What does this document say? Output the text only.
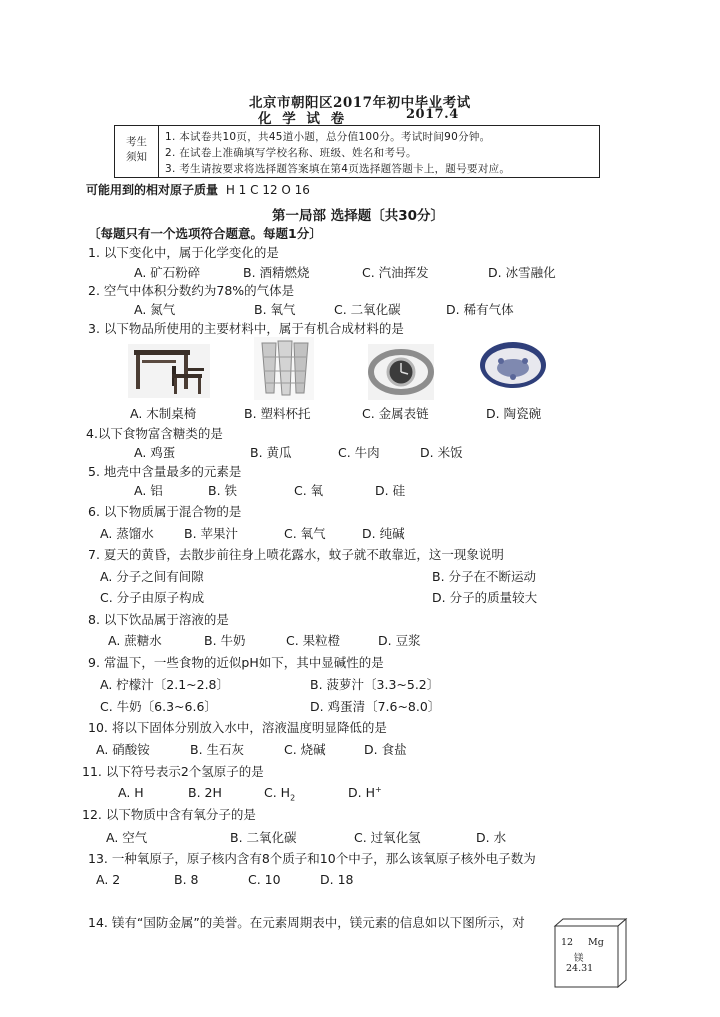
北京市朝阳区2017年初中毕业考试
化 学 试 卷	2017.4
考生
须知
1. 本试卷共10页，共45道小题，总分值100分。考试时间90分钟。
2. 在试卷上准确填写学校名称、班级、姓名和考号。
3. 考生请按要求将选择题答案填在第4页选择题答题卡上，题号要对应。
可能用到的相对原子质量 H 1 C 12 O 16
第一局部 选择题〔共30分〕
〔每题只有一个选项符合题意。每题1分〕
1. 以下变化中，属于化学变化的是
A. 矿石粉碎	B. 酒精燃烧	C. 汽油挥发	D. 冰雪融化
2. 空气中体积分数约为78%的气体是
A. 氮气	B. 氧气	C. 二氧化碳	D. 稀有气体
3. 以下物品所使用的主要材料中，属于有机合成材料的是
A. 木制桌椅	B. 塑料杯托	C. 金属表链	D. 陶瓷碗
4.以下食物富含糖类的是
A. 鸡蛋	B. 黄瓜	C. 牛肉	D. 米饭
5. 地壳中含量最多的元素是
A. 铝	B. 铁	C. 氧	D. 硅
6. 以下物质属于混合物的是
A. 蒸馏水 B. 苹果汁	C. 氧气	D. 纯碱
7. 夏天的黄昏，去散步前往身上喷花露水，蚊子就不敢靠近，这一现象说明
A. 分子之间有间隙	B. 分子在不断运动
C. 分子由原子构成	D. 分子的质量较大
8. 以下饮品属于溶液的是
A. 蔗糖水	B. 牛奶	C. 果粒橙	D. 豆浆
9. 常温下，一些食物的近似pH如下，其中显碱性的是
A. 柠檬汁〔2.1~2.8〕	B. 菠萝汁〔3.3~5.2〕
C. 牛奶〔6.3~6.6〕	D. 鸡蛋清〔7.6~8.0〕
10. 将以下固体分别放入水中，溶液温度明显降低的是
A. 硝酸铵	B. 生石灰	C. 烧碱	D. 食盐
11. 以下符号表示2个氢原子的是
A. H	B. 2H	C. $H_2$	D. H+
12. 以下物质中含有氧分子的是
A. 空气	B. 二氧化碳	C. 过氧化氢	D. 水
13. 一种氧原子，原子核内含有8个质子和10个中子，那么该氧原子核外电子数为
A. 2	B. 8	C. 10	D. 18
14. 镁有“国防金属”的美誉。在元素周期表中，镁元素的信息如以下图所示，对
12 Mg
镁
24.31
